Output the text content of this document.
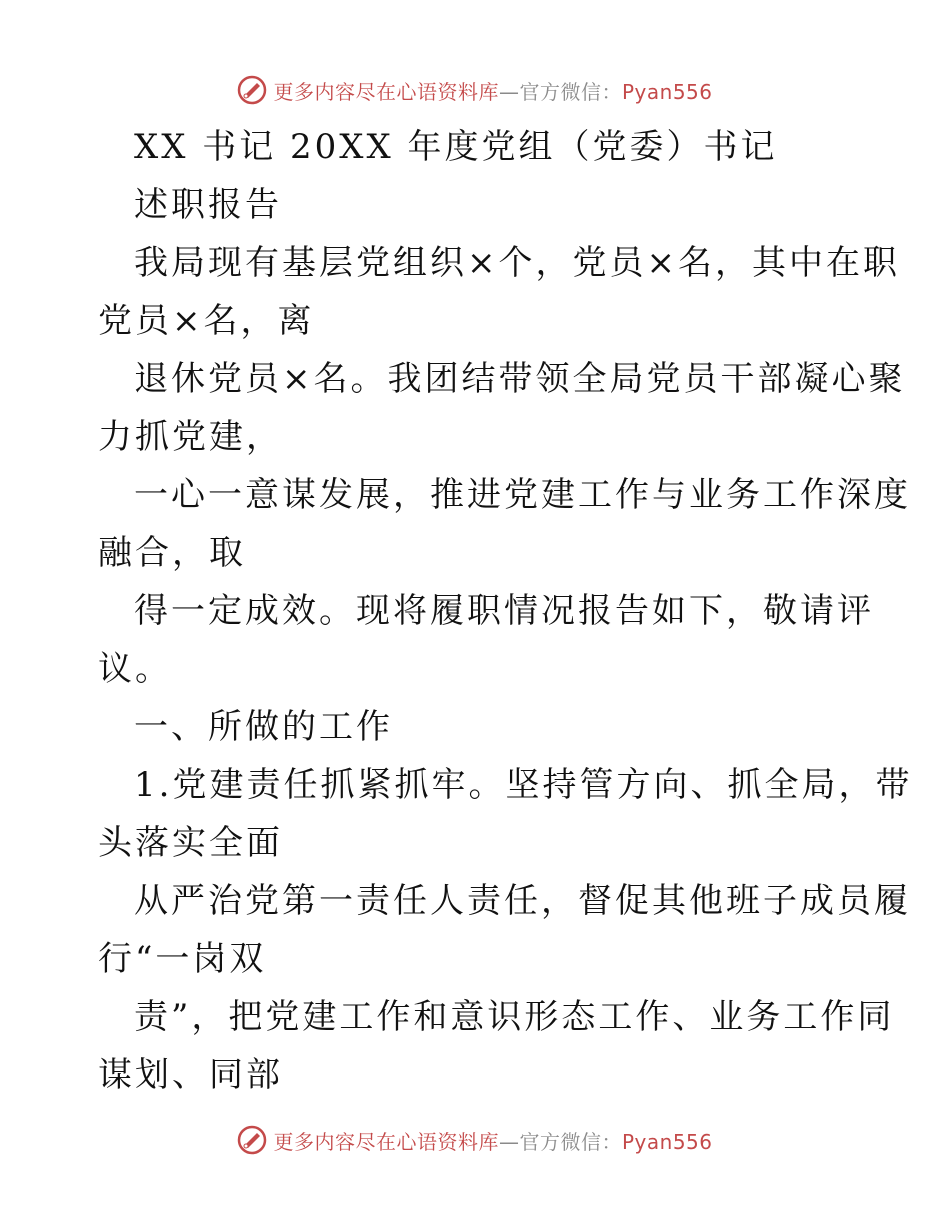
更多内容尽在心语资料库—官方微信：Pyan556
XX 书记 20XX 年度党组（党委）书记
述职报告
我局现有基层党组织×个，党员×名，其中在职
党员×名，离
退休党员×名。我团结带领全局党员干部凝心聚
力抓党建，
一心一意谋发展，推进党建工作与业务工作深度
融合，取
得一定成效。现将履职情况报告如下，敬请评
议。
一、所做的工作
1.党建责任抓紧抓牢。坚持管方向、抓全局，带
头落实全面
从严治党第一责任人责任，督促其他班子成员履
行“一岗双
责”，把党建工作和意识形态工作、业务工作同
谋划、同部
更多内容尽在心语资料库—官方微信：Pyan556
